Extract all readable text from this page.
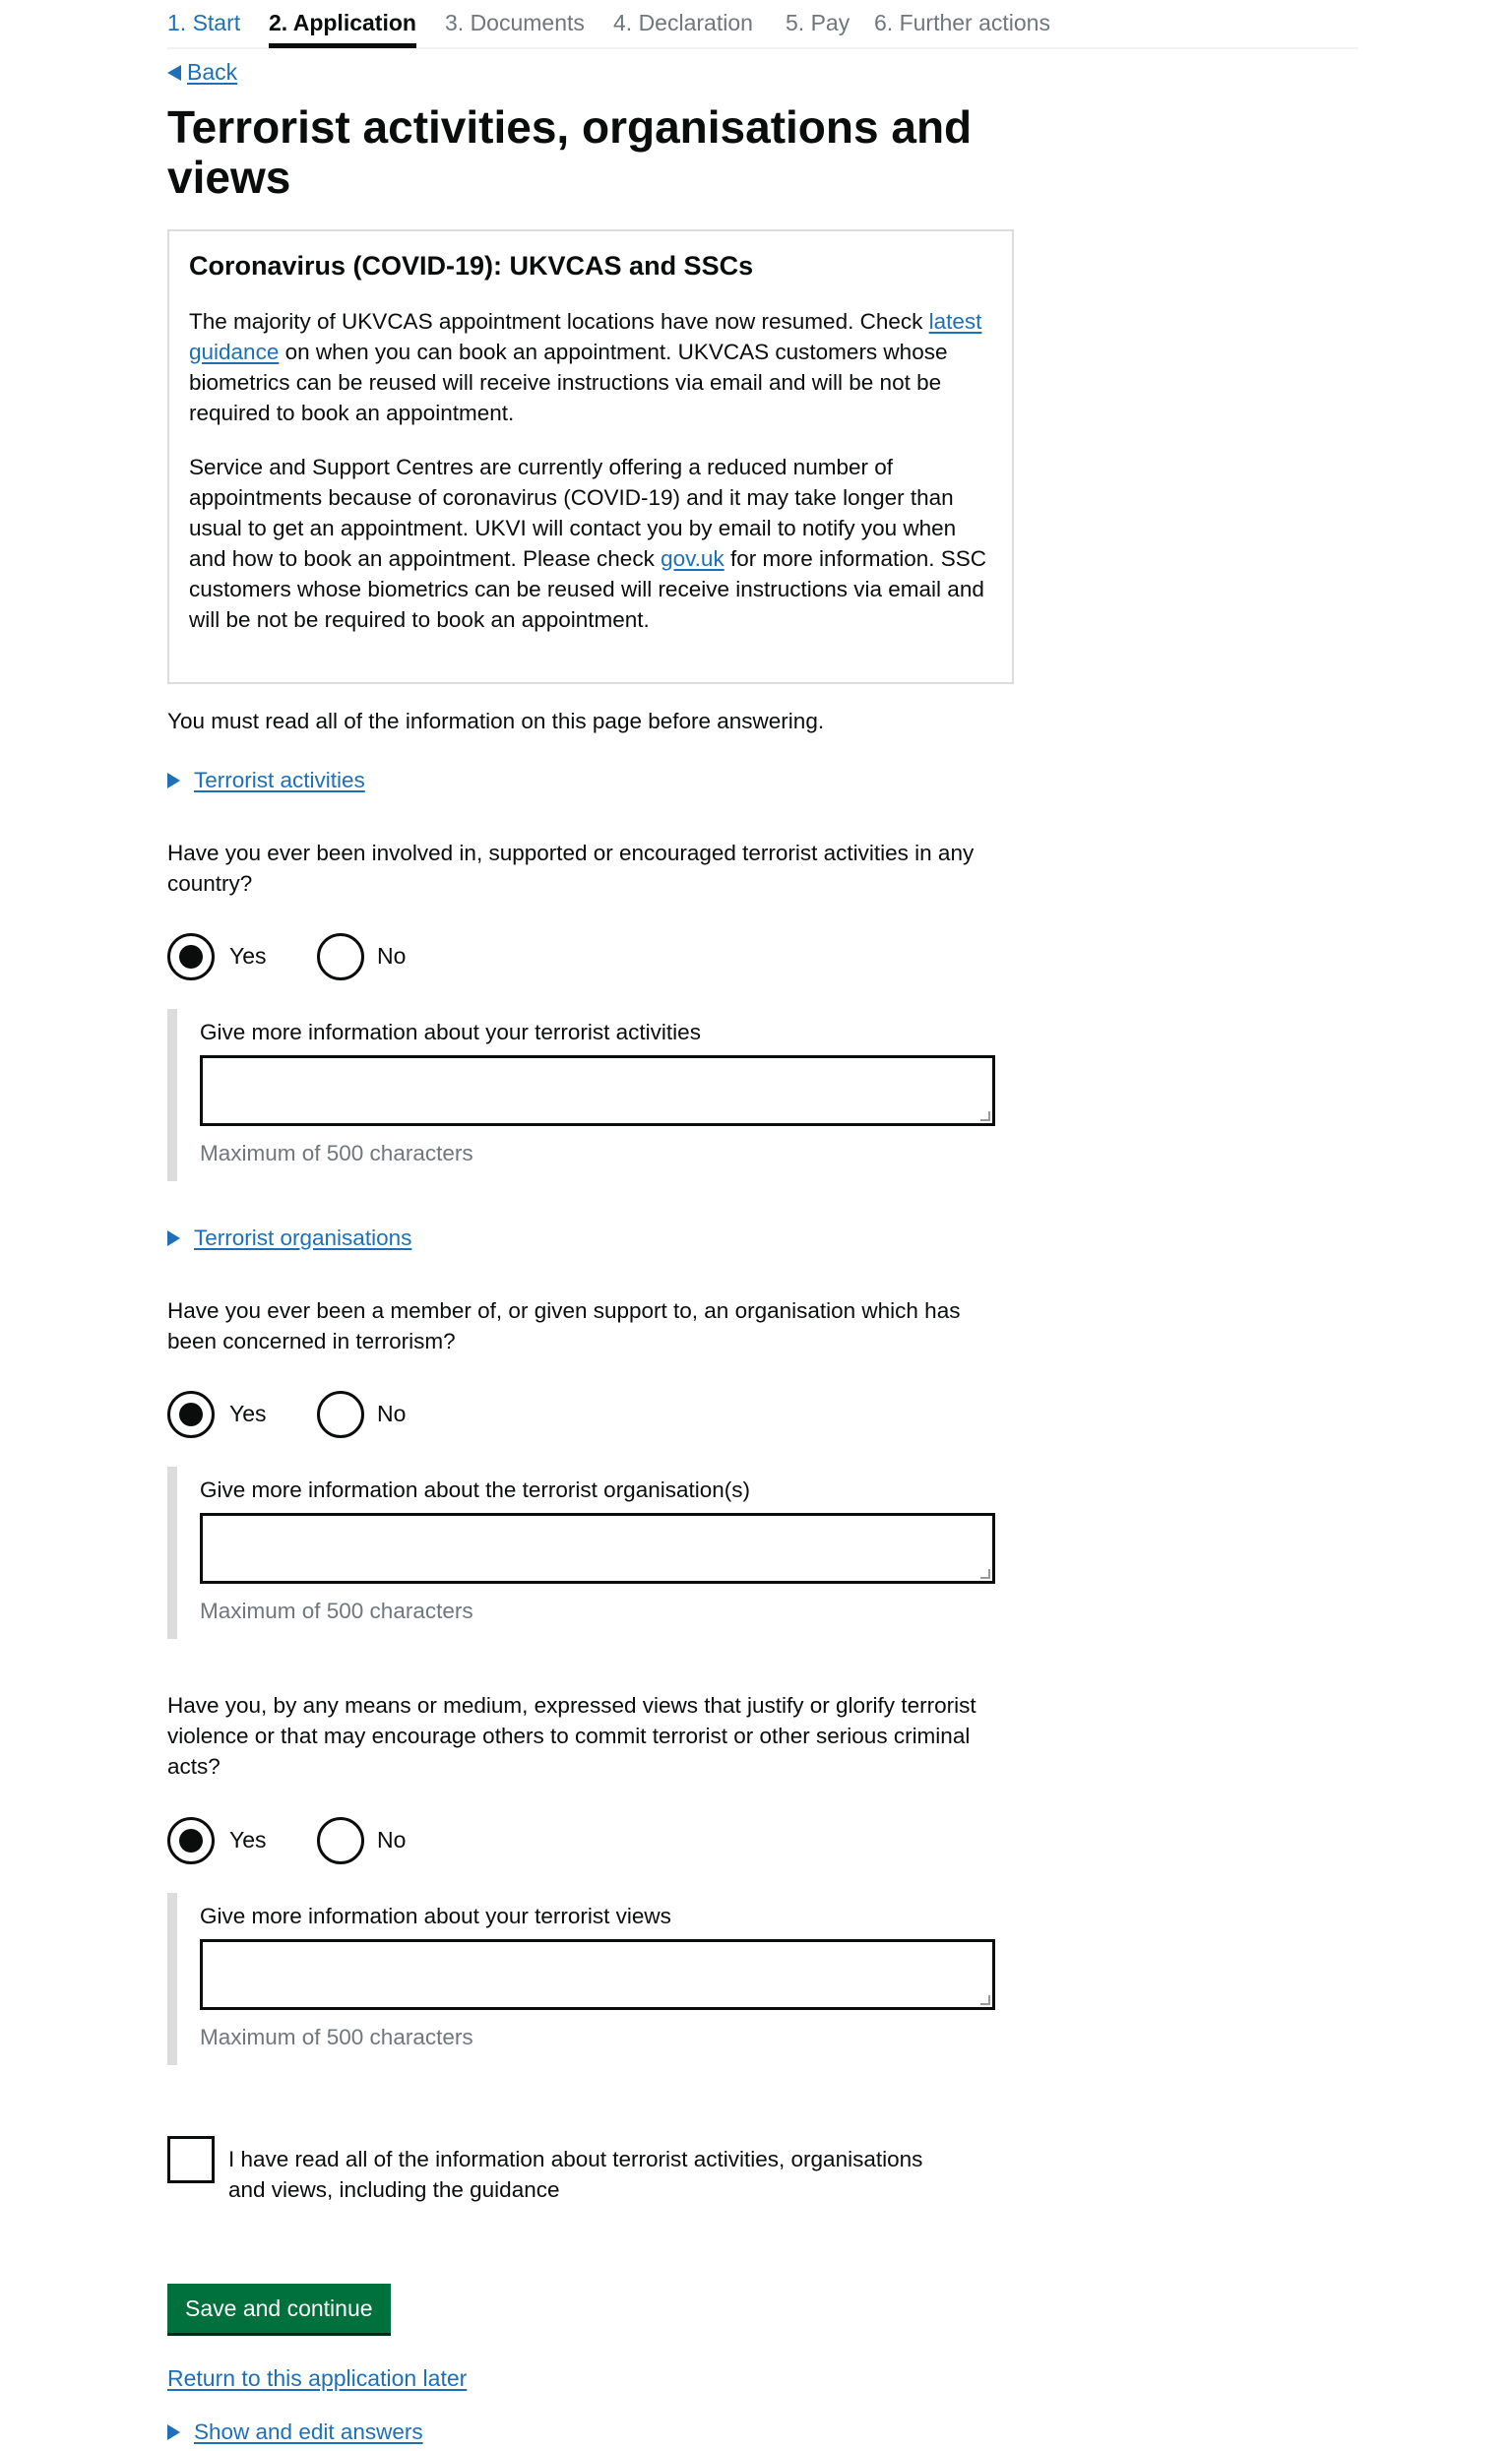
1. Start 2. Application 3. Documents 4. Declaration 5. Pay 6. Further actions
Back
Terrorist activities, organisations and views
Coronavirus (COVID-19): UKVCAS and SSCs

The majority of UKVCAS appointment locations have now resumed. Check latest guidance on when you can book an appointment. UKVCAS customers whose biometrics can be reused will receive instructions via email and will be not be required to book an appointment.

Service and Support Centres are currently offering a reduced number of appointments because of coronavirus (COVID-19) and it may take longer than usual to get an appointment. UKVI will contact you by email to notify you when and how to book an appointment. Please check gov.uk for more information. SSC customers whose biometrics can be reused will receive instructions via email and will be not be required to book an appointment.

You must read all of the information on this page before answering.

Terrorist activities

Have you ever been involved in, supported or encouraged terrorist activities in any country?

Yes	No
Give more information about your terrorist activities
Maximum of 500 characters
Terrorist organisations

Have you ever been a member of, or given support to, an organisation which has been concerned in terrorism?

Yes	No
Give more information about the terrorist organisation(s)
Maximum of 500 characters

Have you, by any means or medium, expressed views that justify or glorify terrorist violence or that may encourage others to commit terrorist or other serious criminal acts?

Yes	No
Give more information about your terrorist views
Maximum of 500 characters
I have read all of the information about terrorist activities, organisations and views, including the guidance
Save and continue
Return to this application later
Show and edit answers
